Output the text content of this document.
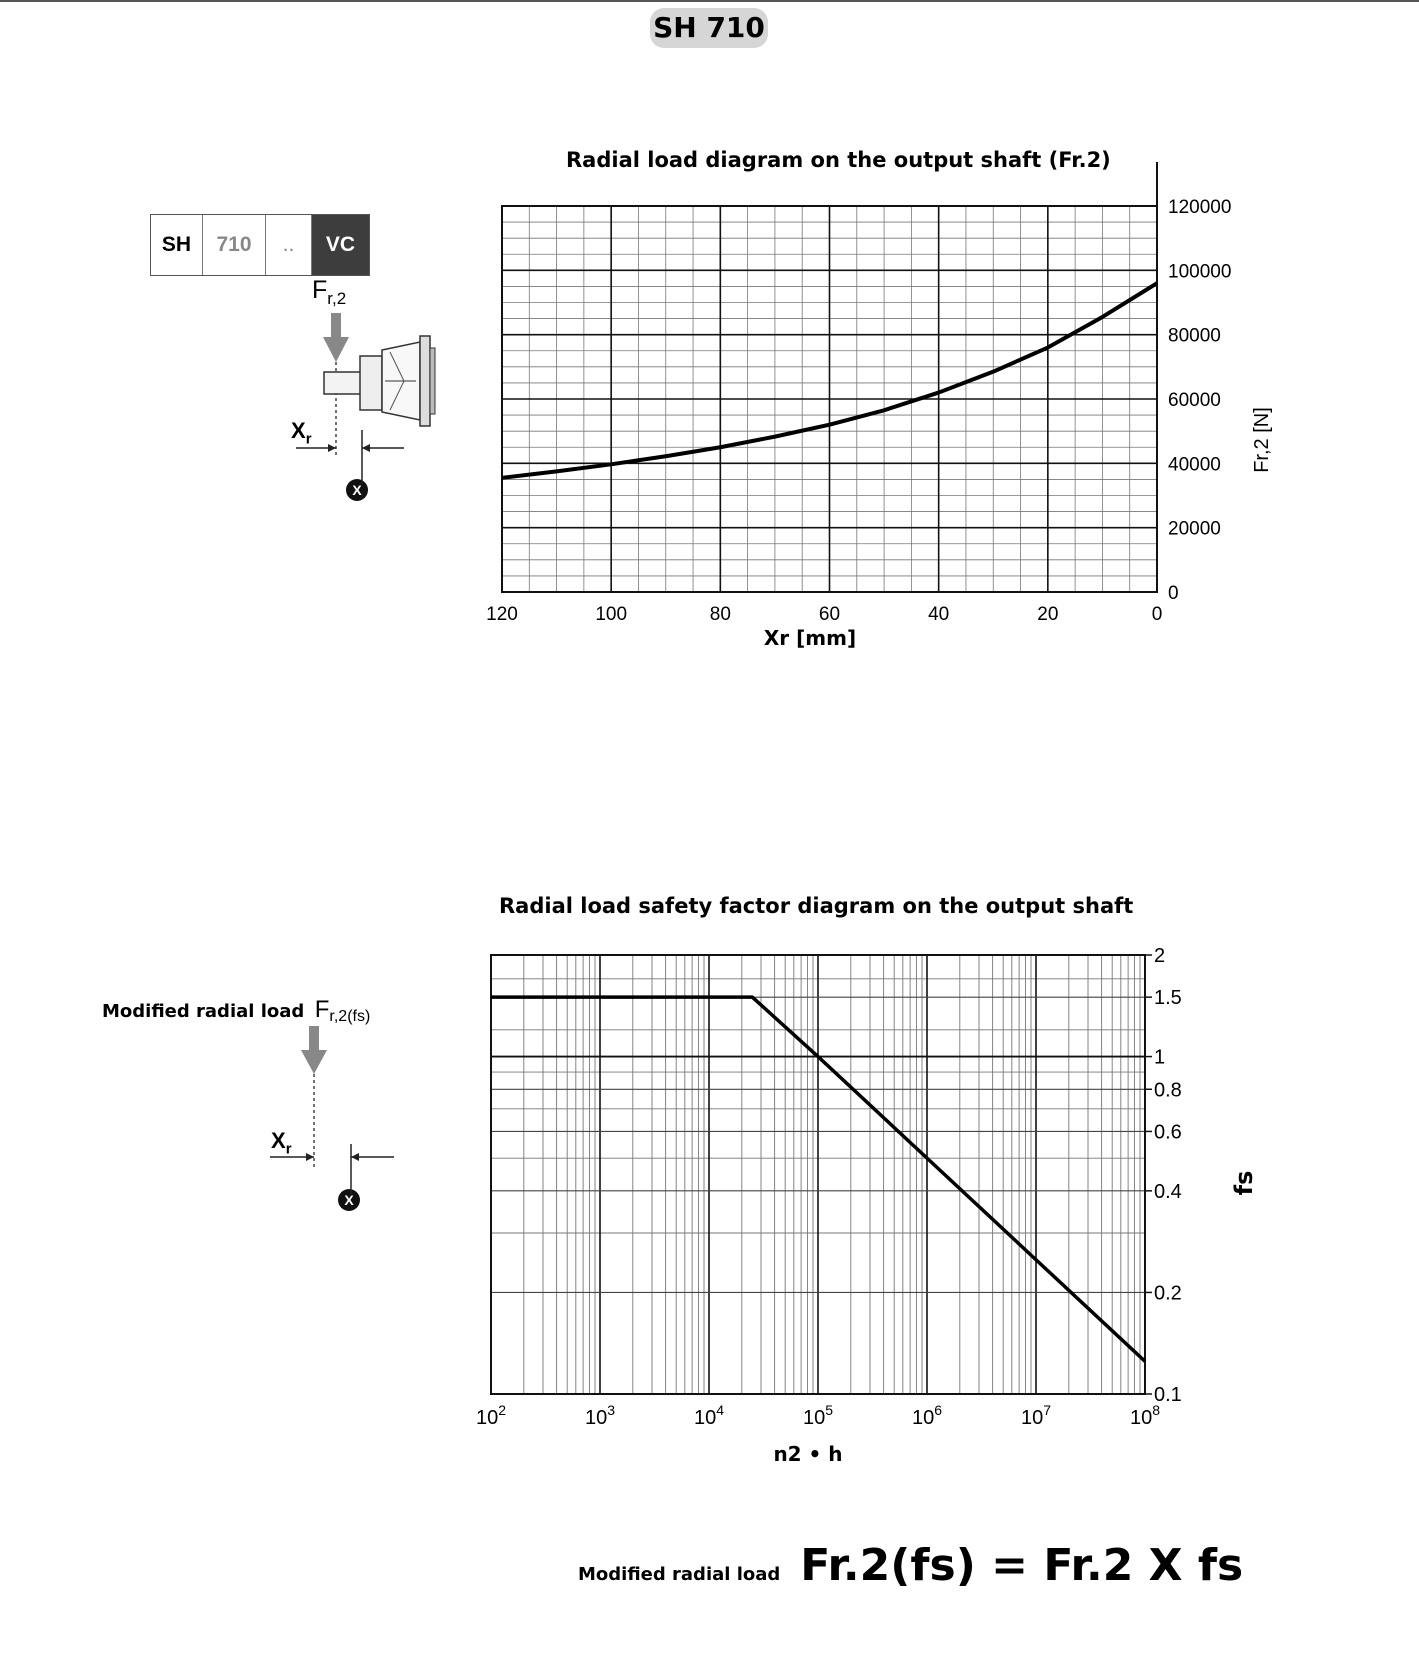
SH 710
SH	710	..	VC
$F_{r,2}$
$X_r$
X
Modified radial load $F_{r,2(fs)}$
$X_r$
X
Radial load diagram on the output shaft (Fr.2)
Radial load safety factor diagram on the output shaft
0
20000
40000
60000
80000
100000
120000
120	100	80	60	40	20	0
Xr [mm]
Fr,2 [N]
0.1
0.2
0.4
0.6
0.8
1
1.5
2
$10^2$	$10^3$	$10^4$	$10^5$	$10^6$	$10^7$	$10^8$
n2 • h
fs
Modified radial load Fr.2(fs) = Fr.2 X fs
